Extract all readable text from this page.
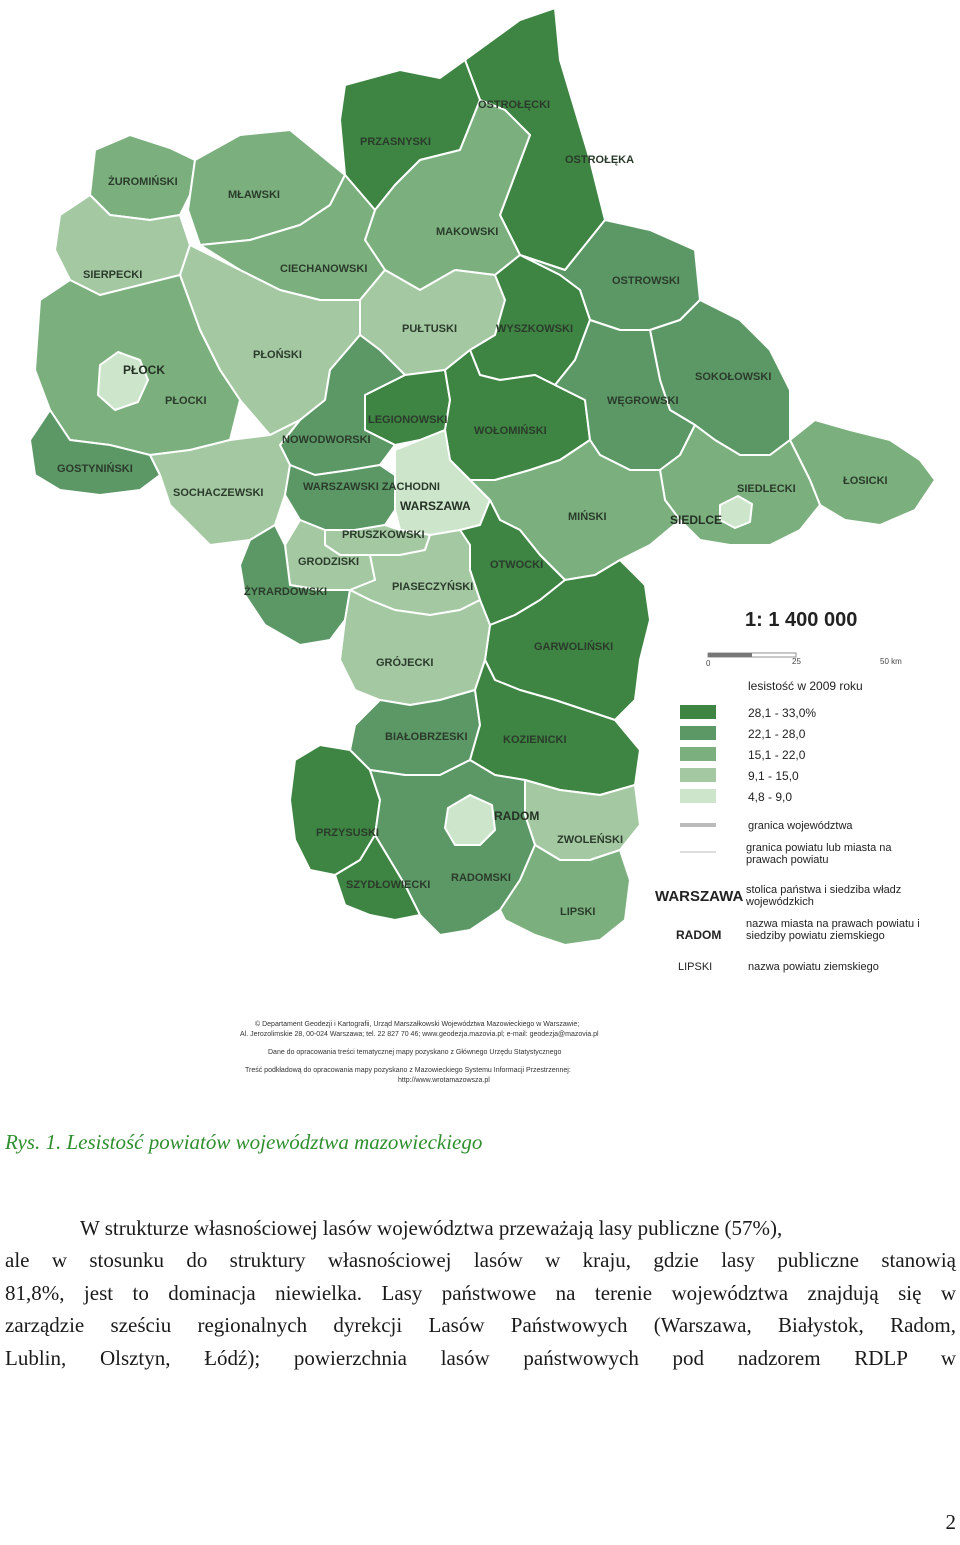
OSTROŁĘCKI
OSTROŁĘKA
PRZASNYSKI
ŻUROMIŃSKI
MŁAWSKI
MAKOWSKI
SIERPECKI	CIECHANOWSKI
OSTROWSKI
PUŁTUSKI	WYSZKOWSKI
PŁOŃSKI
PŁOCK
PŁOCKI
SOKOŁOWSKI
LEGIONOWSKI
WOŁOMIŃSKI
WĘGROWSKI
NOWODWORSKI
GOSTYNIŃSKI
SOCHACZEWSKI	WARSZAWSKI ZACHODNI
WARSZAWA
ŁOSICKI
SIEDLECKI
SIEDLCE
MIŃSKI
PRUSZKOWSKI
OTWOCKI
GRODZISKI
PIASECZYŃSKI
ŻYRARDOWSKI
GARWOLIŃSKI
GRÓJECKI
BIAŁOBRZESKI	KOZIENICKI
RADOM
PRZYSUSKI
ZWOLEŃSKI
RADOMSKI
SZYDŁOWIECKI
LIPSKI
1: 1 400 000
0	25	50 km
lesistość w 2009 roku
28,1 - 33,0%
22,1 - 28,0
15,1 - 22,0
9,1 - 15,0
4,8 - 9,0
granica województwa
granica powiatu lub miasta na prawach powiatu
WARSZAWA stolica państwa i siedziba władz wojewódzkich
RADOM
nazwa miasta na prawach powiatu i siedziby powiatu ziemskiego
LIPSKI	nazwa powiatu ziemskiego
© Departament Geodezji i Kartografii, Urząd Marszałkowski Województwa Mazowieckiego w Warszawie;
Al. Jerozolimskie 28, 00-024 Warszawa; tel. 22 827 70 46; www.geodezja.mazovia.pl; e-mail: geodezja@mazovia.pl
Dane do opracowania treści tematycznej mapy pozyskano z Głównego Urzędu Statystycznego
Treść podkładową do opracowania mapy pozyskano z Mazowieckiego Systemu Informacji Przestrzennej:
http://www.wrotamazowsza.pl
Rys. 1. Lesistość powiatów województwa mazowieckiego
W strukturze własnościowej lasów województwa przeważają lasy publiczne (57%),
ale w stosunku do struktury własnościowej lasów w kraju, gdzie lasy publiczne stanowią
81,8%, jest to dominacja niewielka. Lasy państwowe na terenie województwa znajdują się w
zarządzie sześciu regionalnych dyrekcji Lasów Państwowych (Warszawa, Białystok, Radom,
Lublin, Olsztyn, Łódź); powierzchnia lasów państwowych pod nadzorem RDLP w
2
